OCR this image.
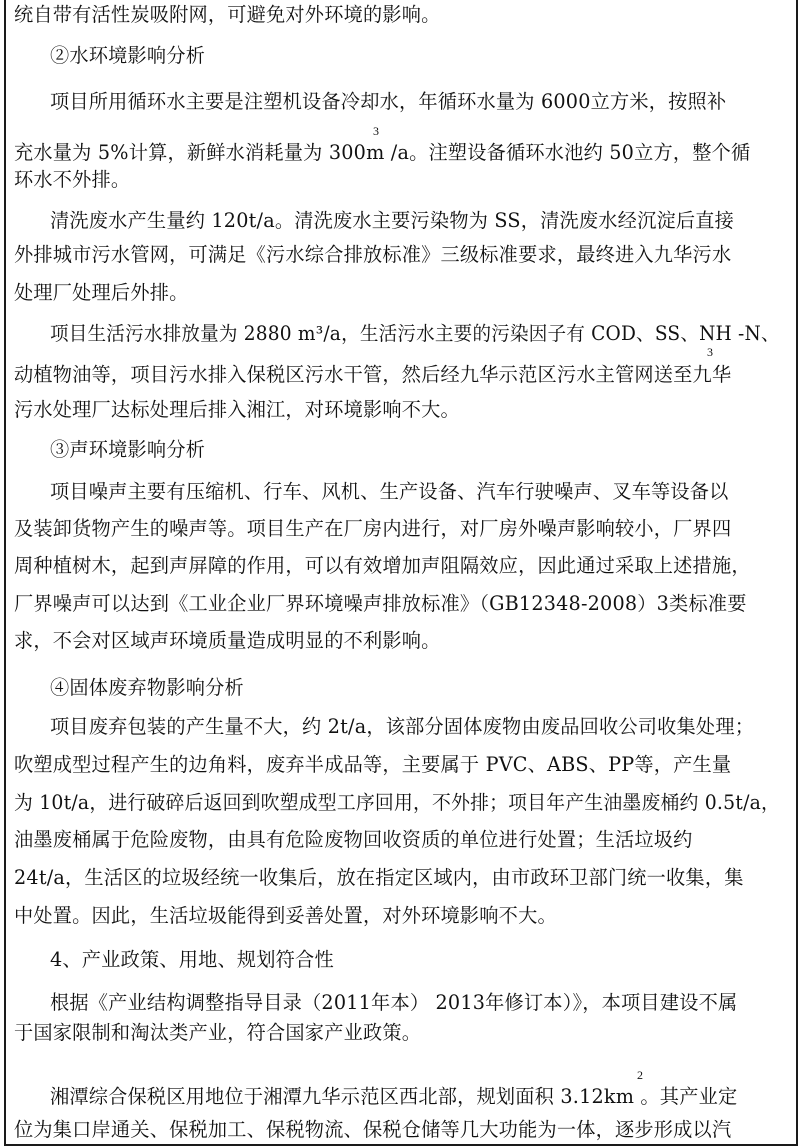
统自带有活性炭吸附网，可避免对外环境的影响。
②水环境影响分析
项目所用循环水主要是注塑机设备冷却水，年循环水量为 6000立方米，按照补
3
充水量为 5%计算，新鲜水消耗量为 300m /a。注塑设备循环水池约 50立方，整个循
环水不外排。
清洗废水产生量约 120t/a。清洗废水主要污染物为 SS，清洗废水经沉淀后直接
外排城市污水管网，可满足《污水综合排放标准》三级标准要求，最终进入九华污水
处理厂处理后外排。
项目生活污水排放量为 2880 m³/a，生活污水主要的污染因子有 COD、SS、NH -N、
3
动植物油等，项目污水排入保税区污水干管，然后经九华示范区污水主管网送至九华
污水处理厂达标处理后排入湘江，对环境影响不大。
③声环境影响分析
项目噪声主要有压缩机、行车、风机、生产设备、汽车行驶噪声、叉车等设备以
及装卸货物产生的噪声等。项目生产在厂房内进行，对厂房外噪声影响较小，厂界四
周种植树木，起到声屏障的作用，可以有效增加声阻隔效应，因此通过采取上述措施，
厂界噪声可以达到《工业企业厂界环境噪声排放标准》（GB12348-2008）3类标准要
求，不会对区域声环境质量造成明显的不利影响。
④固体废弃物影响分析
项目废弃包装的产生量不大，约 2t/a，该部分固体废物由废品回收公司收集处理；
吹塑成型过程产生的边角料，废弃半成品等，主要属于 PVC、ABS、PP等，产生量
为 10t/a，进行破碎后返回到吹塑成型工序回用，不外排；项目年产生油墨废桶约 0.5t/a，
油墨废桶属于危险废物，由具有危险废物回收资质的单位进行处置；生活垃圾约
24t/a，生活区的垃圾经统一收集后，放在指定区域内，由市政环卫部门统一收集，集
中处置。因此，生活垃圾能得到妥善处置，对外环境影响不大。
4、产业政策、用地、规划符合性
根据《产业结构调整指导目录（2011年本） 2013年修订本）》，本项目建设不属
于国家限制和淘汰类产业，符合国家产业政策。
2
湘潭综合保税区用地位于湘潭九华示范区西北部，规划面积 3.12km 。其产业定
位为集口岸通关、保税加工、保税物流、保税仓储等几大功能为一体，逐步形成以汽
